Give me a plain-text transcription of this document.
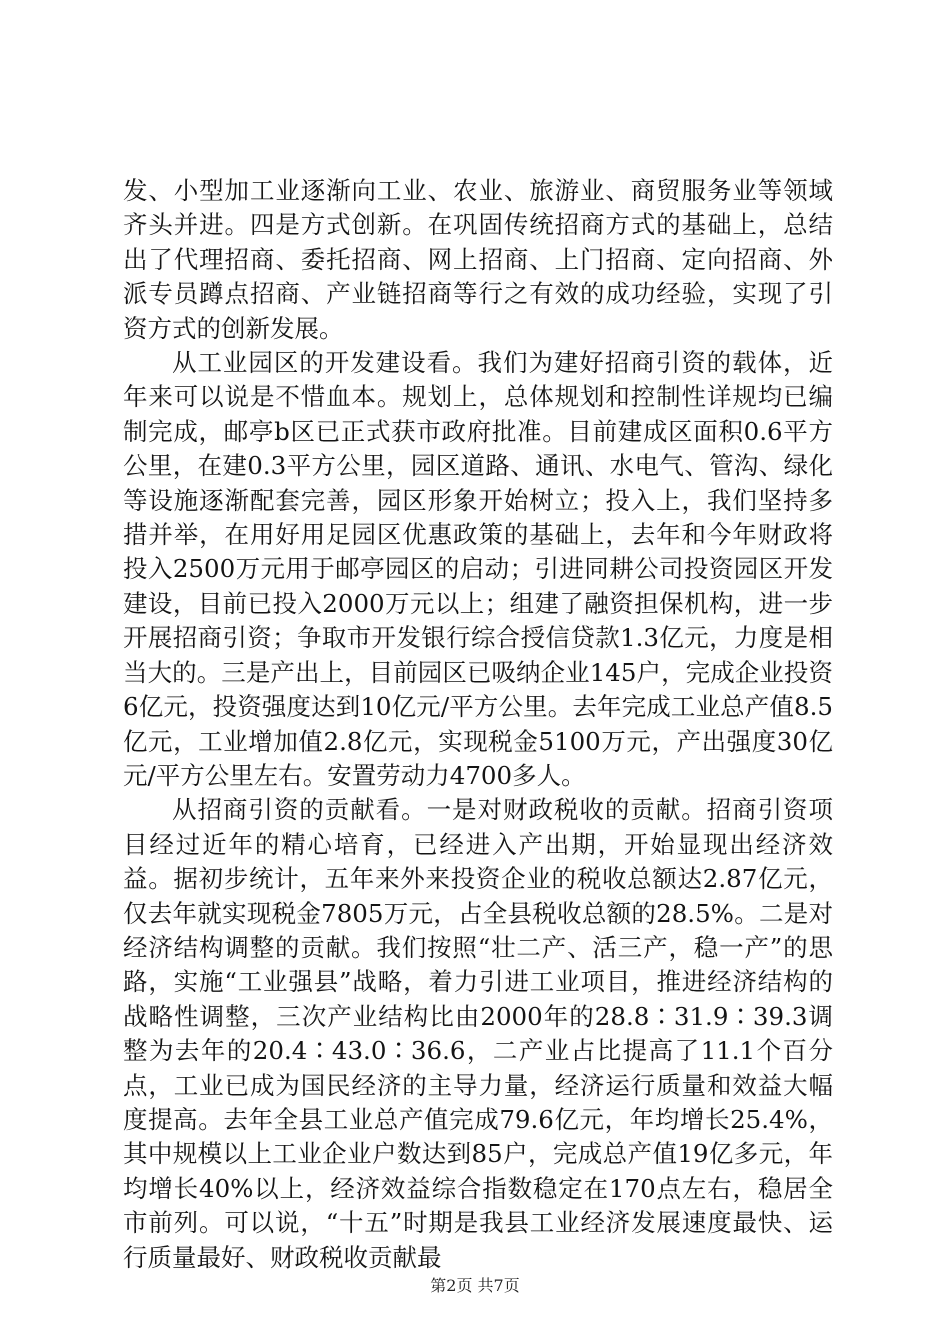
发、小型加工业逐渐向工业、农业、旅游业、商贸服务业等领域齐头并进。四是方式创新。在巩固传统招商方式的基础上，总结出了代理招商、委托招商、网上招商、上门招商、定向招商、外派专员蹲点招商、产业链招商等行之有效的成功经验，实现了引资方式的创新发展。

从工业园区的开发建设看。我们为建好招商引资的载体，近年来可以说是不惜血本。规划上，总体规划和控制性详规均已编制完成，邮亭b区已正式获市政府批准。目前建成区面积0.6平方公里，在建0.3平方公里，园区道路、通讯、水电气、管沟、绿化等设施逐渐配套完善，园区形象开始树立；投入上，我们坚持多措并举，在用好用足园区优惠政策的基础上，去年和今年财政将投入2500万元用于邮亭园区的启动；引进同耕公司投资园区开发建设，目前已投入2000万元以上；组建了融资担保机构，进一步开展招商引资；争取市开发银行综合授信贷款1.3亿元，力度是相当大的。三是产出上，目前园区已吸纳企业145户，完成企业投资6亿元，投资强度达到10亿元/平方公里。去年完成工业总产值8.5亿元，工业增加值2.8亿元，实现税金5100万元，产出强度30亿元/平方公里左右。安置劳动力4700多人。

从招商引资的贡献看。一是对财政税收的贡献。招商引资项目经过近年的精心培育，已经进入产出期，开始显现出经济效益。据初步统计，五年来外来投资企业的税收总额达2.87亿元，仅去年就实现税金7805万元，占全县税收总额的28.5%。二是对经济结构调整的贡献。我们按照“壮二产、活三产，稳一产”的思路，实施“工业强县”战略，着力引进工业项目，推进经济结构的战略性调整，三次产业结构比由2000年的28.8∶31.9∶39.3调整为去年的20.4∶43.0∶36.6，二产业占比提高了11.1个百分点，工业已成为国民经济的主导力量，经济运行质量和效益大幅度提高。去年全县工业总产值完成79.6亿元，年均增长25.4%，其中规模以上工业企业户数达到85户，完成总产值19亿多元，年均增长40%以上，经济效益综合指数稳定在170点左右，稳居全市前列。可以说，“十五”时期是我县工业经济发展速度最快、运行质量最好、财政税收贡献最

第2页 共7页
